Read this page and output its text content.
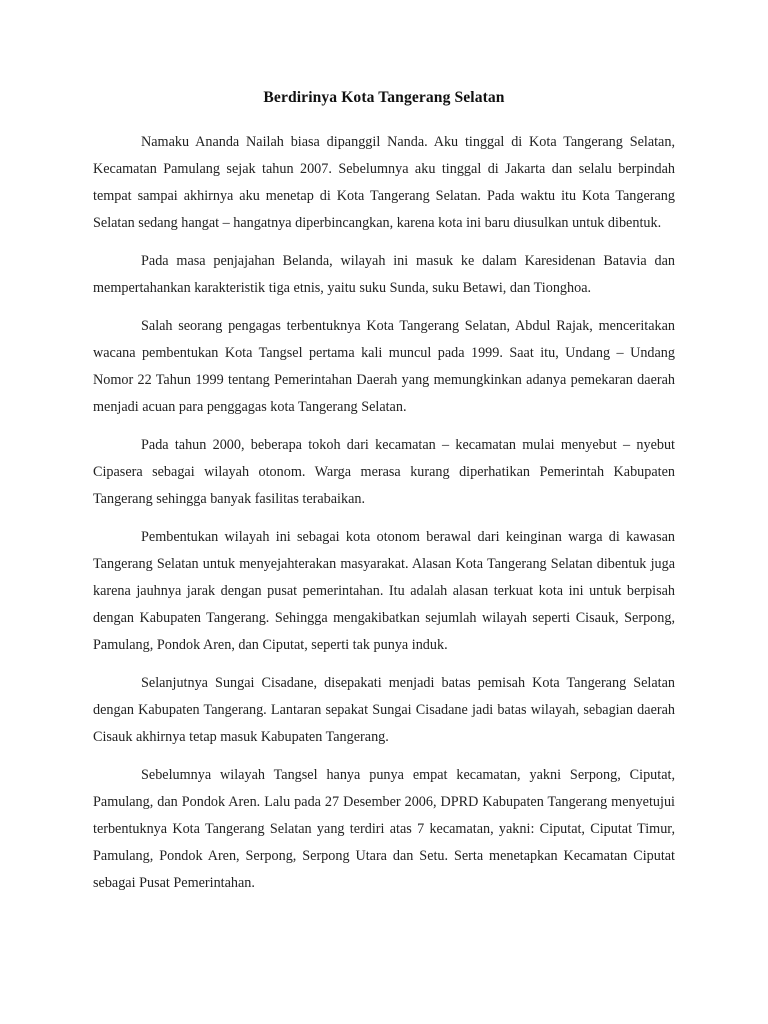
Berdirinya Kota Tangerang Selatan

Namaku Ananda Nailah biasa dipanggil Nanda. Aku tinggal di Kota Tangerang Selatan, Kecamatan Pamulang sejak tahun 2007. Sebelumnya aku tinggal di Jakarta dan selalu berpindah tempat sampai akhirnya aku menetap di Kota Tangerang Selatan. Pada waktu itu Kota Tangerang Selatan sedang hangat – hangatnya diperbincangkan, karena kota ini baru diusulkan untuk dibentuk.

Pada masa penjajahan Belanda, wilayah ini masuk ke dalam Karesidenan Batavia dan mempertahankan karakteristik tiga etnis, yaitu suku Sunda, suku Betawi, dan Tionghoa.

Salah seorang pengagas terbentuknya Kota Tangerang Selatan, Abdul Rajak, menceritakan wacana pembentukan Kota Tangsel pertama kali muncul pada 1999. Saat itu, Undang – Undang Nomor 22 Tahun 1999 tentang Pemerintahan Daerah yang memungkinkan adanya pemekaran daerah menjadi acuan para penggagas kota Tangerang Selatan.

Pada tahun 2000, beberapa tokoh dari kecamatan – kecamatan mulai menyebut – nyebut Cipasera sebagai wilayah otonom. Warga merasa kurang diperhatikan Pemerintah Kabupaten Tangerang sehingga banyak fasilitas terabaikan.

Pembentukan wilayah ini sebagai kota otonom berawal dari keinginan warga di kawasan Tangerang Selatan untuk menyejahterakan masyarakat. Alasan Kota Tangerang Selatan dibentuk juga karena jauhnya jarak dengan pusat pemerintahan. Itu adalah alasan terkuat kota ini untuk berpisah dengan Kabupaten Tangerang. Sehingga mengakibatkan sejumlah wilayah seperti Cisauk, Serpong, Pamulang, Pondok Aren, dan Ciputat, seperti tak punya induk.

Selanjutnya Sungai Cisadane, disepakati menjadi batas pemisah Kota Tangerang Selatan dengan Kabupaten Tangerang. Lantaran sepakat Sungai Cisadane jadi batas wilayah, sebagian daerah Cisauk akhirnya tetap masuk Kabupaten Tangerang.

Sebelumnya wilayah Tangsel hanya punya empat kecamatan, yakni Serpong, Ciputat, Pamulang, dan Pondok Aren. Lalu pada 27 Desember 2006, DPRD Kabupaten Tangerang menyetujui terbentuknya Kota Tangerang Selatan yang terdiri atas 7 kecamatan, yakni: Ciputat, Ciputat Timur, Pamulang, Pondok Aren, Serpong, Serpong Utara dan Setu. Serta menetapkan Kecamatan Ciputat sebagai Pusat Pemerintahan.
